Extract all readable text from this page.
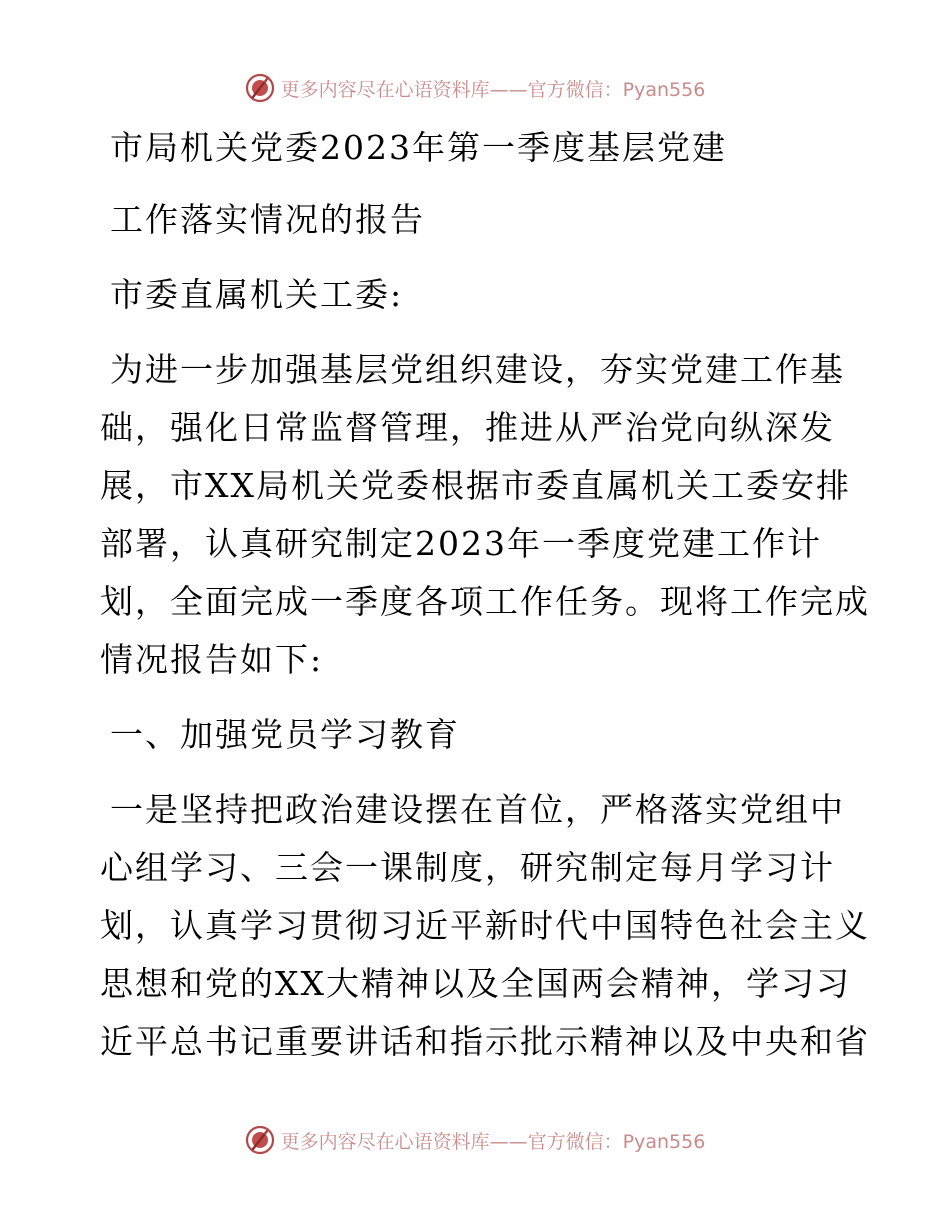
更多内容尽在心语资料库——官方微信：Pyan556
市局机关党委2023年第一季度基层党建
工作落实情况的报告
市委直属机关工委:
为进一步加强基层党组织建设，夯实党建工作基
础，强化日常监督管理，推进从严治党向纵深发
展，市XX局机关党委根据市委直属机关工委安排
部署，认真研究制定2023年一季度党建工作计
划，全面完成一季度各项工作任务。现将工作完成
情况报告如下:
一、加强党员学习教育
一是坚持把政治建设摆在首位，严格落实党组中
心组学习、三会一课制度，研究制定每月学习计
划，认真学习贯彻习近平新时代中国特色社会主义
思想和党的XX大精神以及全国两会精神，学习习
近平总书记重要讲话和指示批示精神以及中央和省
更多内容尽在心语资料库——官方微信：Pyan556
